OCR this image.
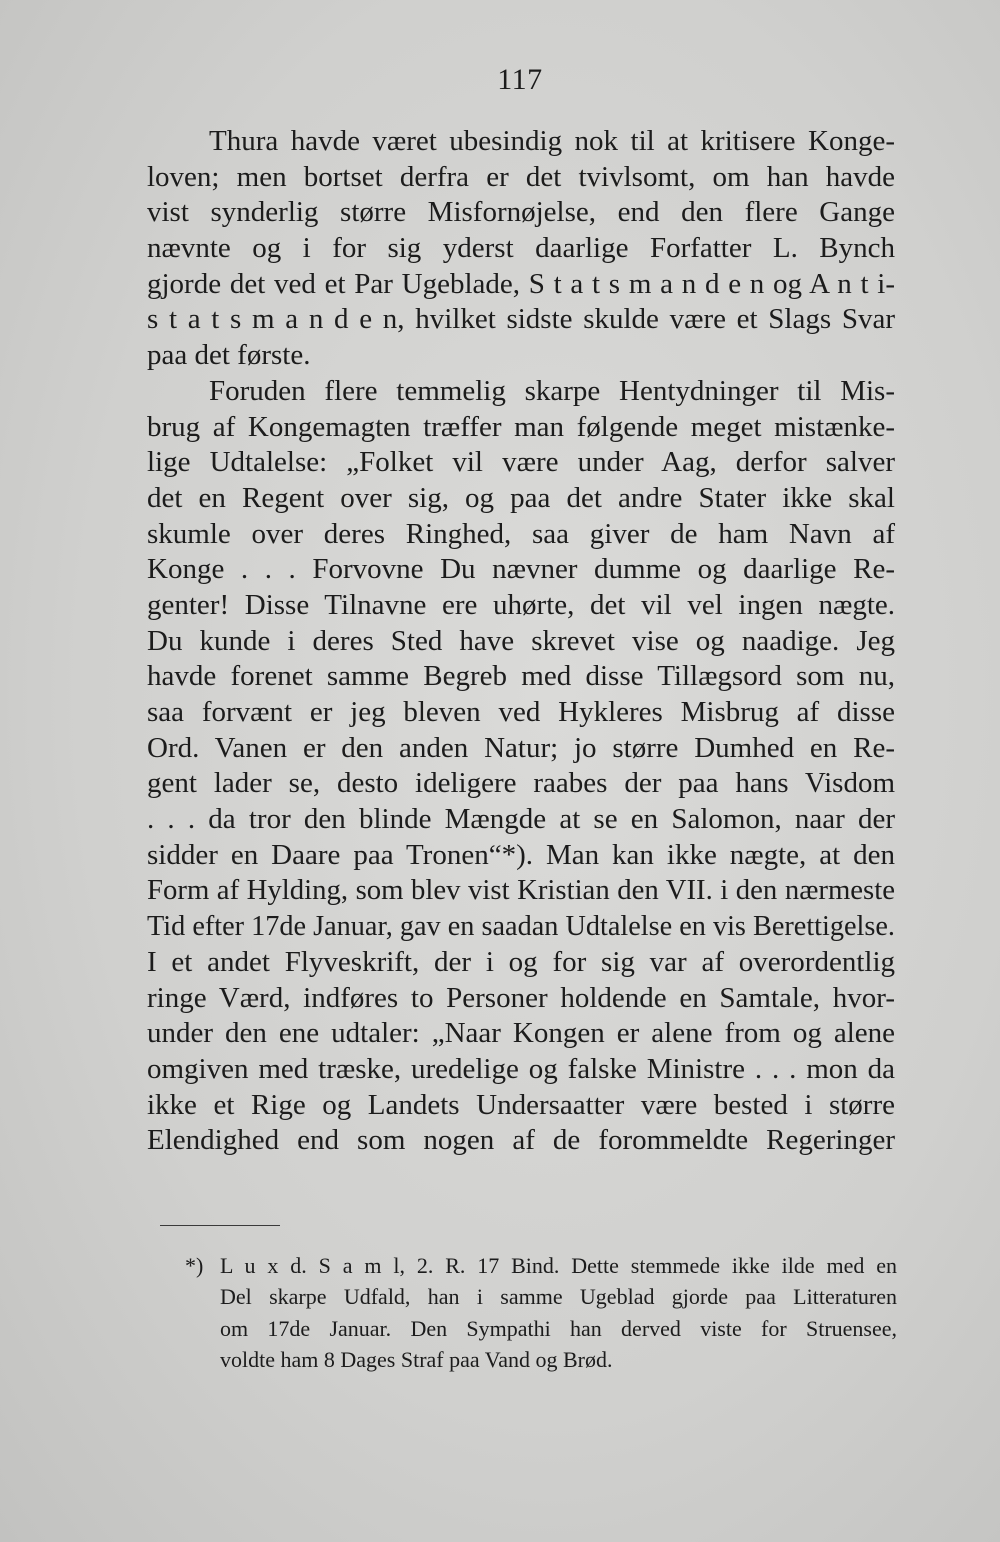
117
Thura havde været ubesindig nok til at kritisere Konge-
loven; men bortset derfra er det tvivlsomt, om han havde
vist synderlig større Misfornøjelse, end den flere Gange
nævnte og i for sig yderst daarlige Forfatter L. Bynch
gjorde det ved et Par Ugeblade, S t a t s m a n d e n og A n t i-
s t a t s m a n d e n, hvilket sidste skulde være et Slags Svar
paa det første.
Foruden flere temmelig skarpe Hentydninger til Mis-
brug af Kongemagten træffer man følgende meget mistænke-
lige Udtalelse: „Folket vil være under Aag, derfor salver
det en Regent over sig, og paa det andre Stater ikke skal
skumle over deres Ringhed, saa giver de ham Navn af
Konge . . . Forvovne Du nævner dumme og daarlige Re-
genter! Disse Tilnavne ere uhørte, det vil vel ingen nægte.
Du kunde i deres Sted have skrevet vise og naadige. Jeg
havde forenet samme Begreb med disse Tillægsord som nu,
saa forvænt er jeg bleven ved Hykleres Misbrug af disse
Ord. Vanen er den anden Natur; jo større Dumhed en Re-
gent lader se, desto ideligere raabes der paa hans Visdom
. . . da tror den blinde Mængde at se en Salomon, naar der
sidder en Daare paa Tronen“*). Man kan ikke nægte, at den
Form af Hylding, som blev vist Kristian den VII. i den nærmeste
Tid efter 17de Januar, gav en saadan Udtalelse en vis Berettigelse.
I et andet Flyveskrift, der i og for sig var af overordentlig
ringe Værd, indføres to Personer holdende en Samtale, hvor-
under den ene udtaler: „Naar Kongen er alene from og alene
omgiven med træske, uredelige og falske Ministre . . . mon da
ikke et Rige og Landets Undersaatter være bested i større
Elendighed end som nogen af de forommeldte Regeringer
*) L u x d. S a m l, 2. R. 17 Bind. Dette stemmede ikke ilde med en
Del skarpe Udfald, han i samme Ugeblad gjorde paa Litteraturen
om 17de Januar. Den Sympathi han derved viste for Struensee,
voldte ham 8 Dages Straf paa Vand og Brød.
